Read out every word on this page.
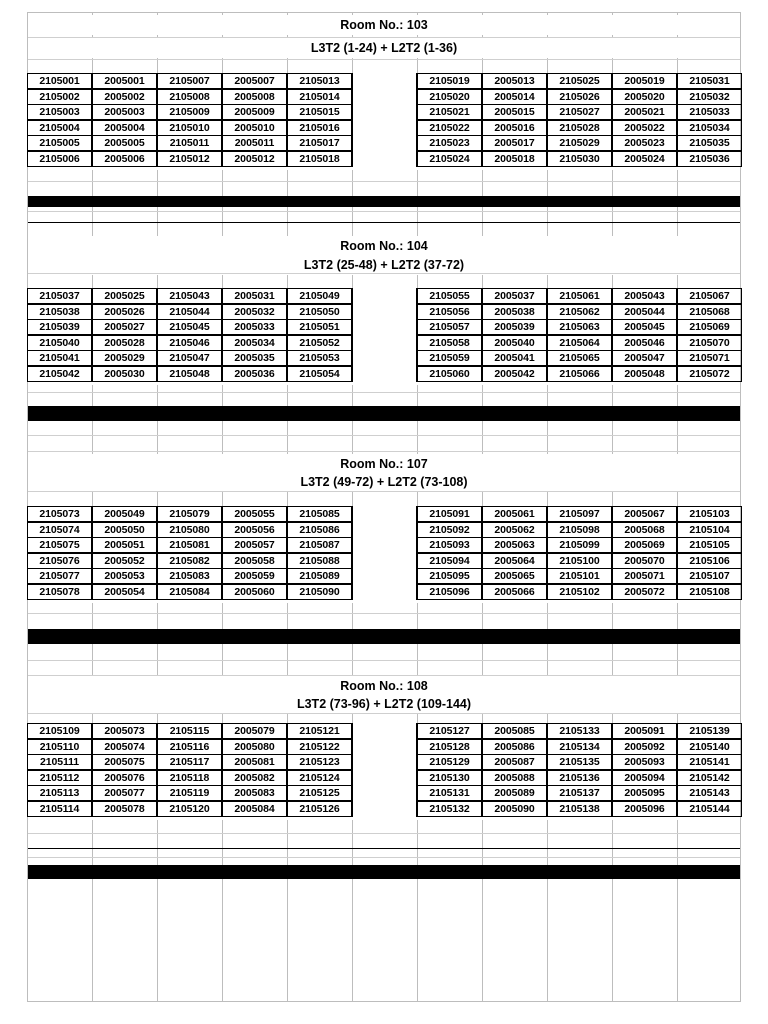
Room No.: 103
L3T2 (1-24) + L2T2 (1-36)
2105001	2005001	2105007	2005007	2105013	2105019	2005013	2105025	2005019	2105031
2105002	2005002	2105008	2005008	2105014	2105020	2005014	2105026	2005020	2105032
2105003	2005003	2105009	2005009	2105015	2105021	2005015	2105027	2005021	2105033
2105004	2005004	2105010	2005010	2105016	2105022	2005016	2105028	2005022	2105034
2105005	2005005	2105011	2005011	2105017	2105023	2005017	2105029	2005023	2105035
2105006	2005006	2105012	2005012	2105018	2105024	2005018	2105030	2005024	2105036
Room No.: 104
L3T2 (25-48) + L2T2 (37-72)
2105037	2005025	2105043	2005031	2105049	2105055	2005037	2105061	2005043	2105067
2105038	2005026	2105044	2005032	2105050	2105056	2005038	2105062	2005044	2105068
2105039	2005027	2105045	2005033	2105051	2105057	2005039	2105063	2005045	2105069
2105040	2005028	2105046	2005034	2105052	2105058	2005040	2105064	2005046	2105070
2105041	2005029	2105047	2005035	2105053	2105059	2005041	2105065	2005047	2105071
2105042	2005030	2105048	2005036	2105054	2105060	2005042	2105066	2005048	2105072
Room No.: 107
L3T2 (49-72) + L2T2 (73-108)
2105073	2005049	2105079	2005055	2105085	2105091	2005061	2105097	2005067	2105103
2105074	2005050	2105080	2005056	2105086	2105092	2005062	2105098	2005068	2105104
2105075	2005051	2105081	2005057	2105087	2105093	2005063	2105099	2005069	2105105
2105076	2005052	2105082	2005058	2105088	2105094	2005064	2105100	2005070	2105106
2105077	2005053	2105083	2005059	2105089	2105095	2005065	2105101	2005071	2105107
2105078	2005054	2105084	2005060	2105090	2105096	2005066	2105102	2005072	2105108
Room No.: 108
L3T2 (73-96) + L2T2 (109-144)
2105109	2005073	2105115	2005079	2105121	2105127	2005085	2105133	2005091	2105139
2105110	2005074	2105116	2005080	2105122	2105128	2005086	2105134	2005092	2105140
2105111	2005075	2105117	2005081	2105123	2105129	2005087	2105135	2005093	2105141
2105112	2005076	2105118	2005082	2105124	2105130	2005088	2105136	2005094	2105142
2105113	2005077	2105119	2005083	2105125	2105131	2005089	2105137	2005095	2105143
2105114	2005078	2105120	2005084	2105126	2105132	2005090	2105138	2005096	2105144
